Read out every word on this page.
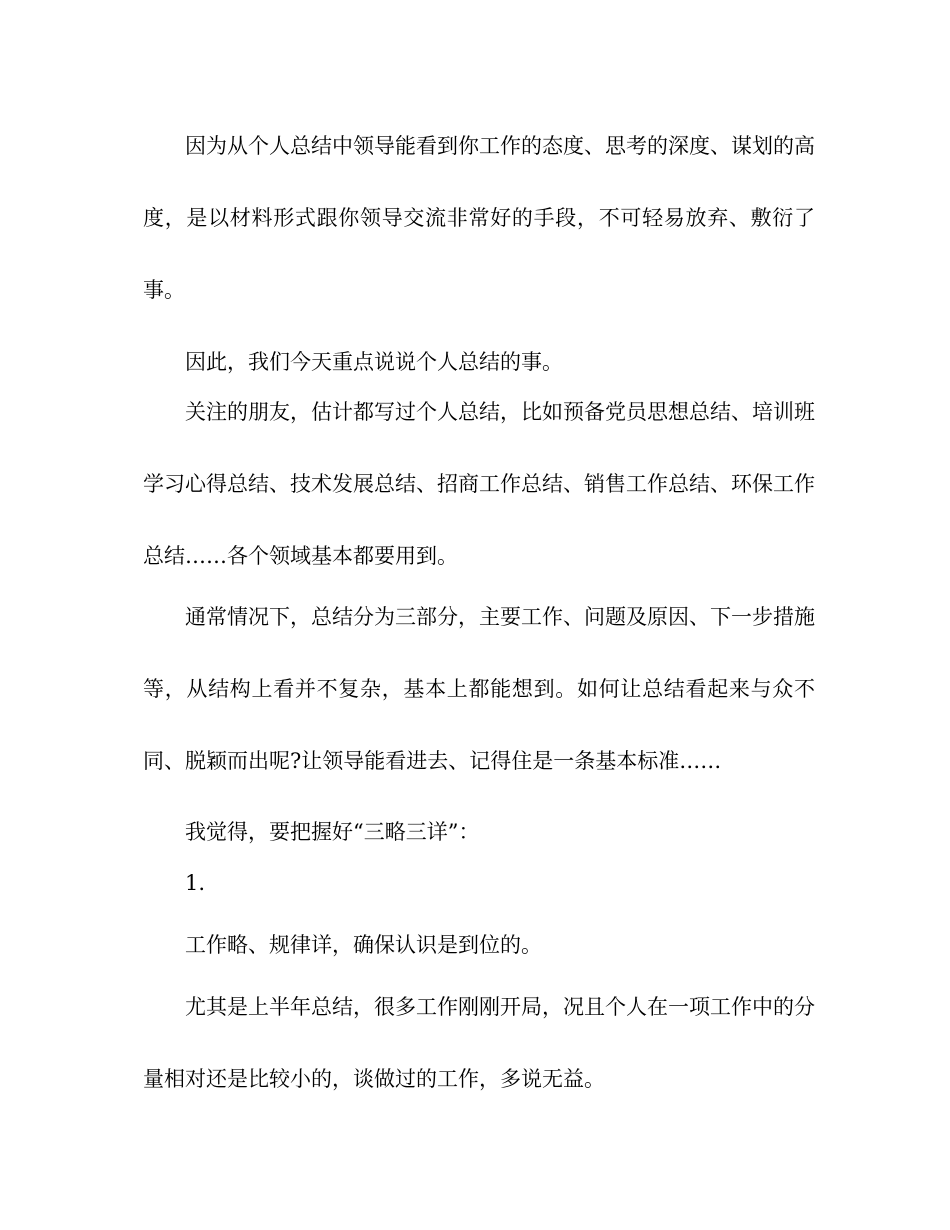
因为从个人总结中领导能看到你工作的态度、思考的深度、谋划的高度，是以材料形式跟你领导交流非常好的手段，不可轻易放弃、敷衍了事。

因此，我们今天重点说说个人总结的事。

关注的朋友，估计都写过个人总结，比如预备党员思想总结、培训班学习心得总结、技术发展总结、招商工作总结、销售工作总结、环保工作总结……各个领域基本都要用到。

通常情况下，总结分为三部分，主要工作、问题及原因、下一步措施等，从结构上看并不复杂，基本上都能想到。如何让总结看起来与众不同、脱颖而出呢?让领导能看进去、记得住是一条基本标准……

我觉得，要把握好“三略三详”：

1.

工作略、规律详，确保认识是到位的。

尤其是上半年总结，很多工作刚刚开局，况且个人在一项工作中的分量相对还是比较小的，谈做过的工作，多说无益。
